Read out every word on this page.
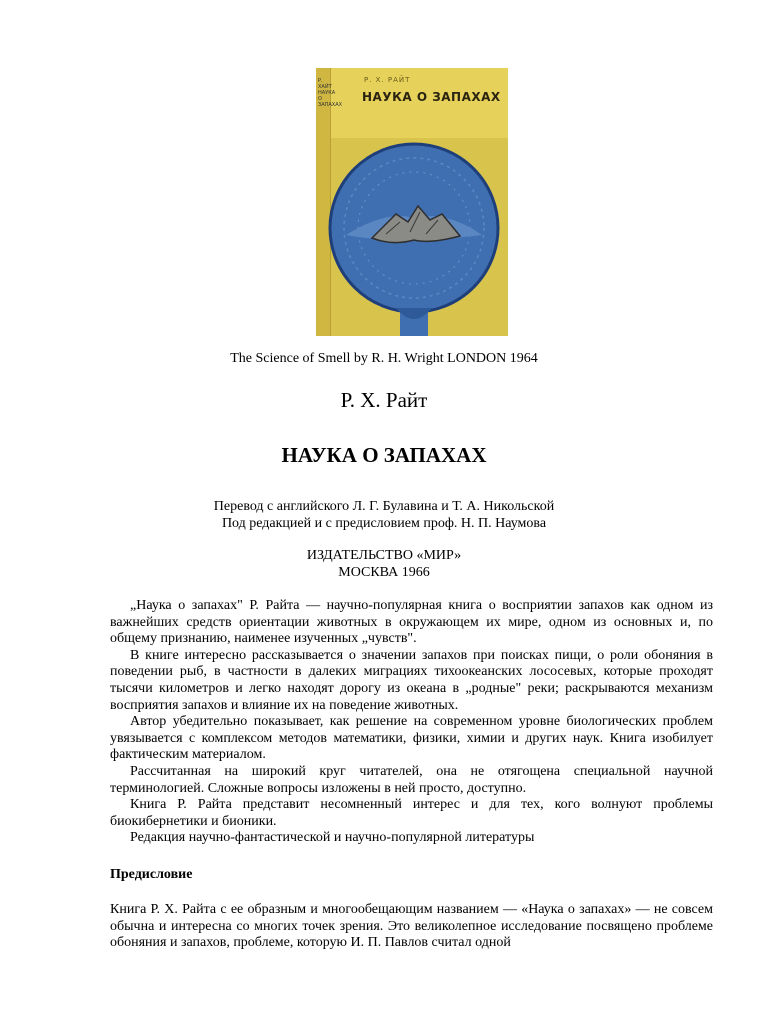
Р. ХАЙТ НАУКА О ЗАПАХАХ
Р. Х. РАЙТ
НАУКА О ЗАПАХАХ
The Science of Smell by R. H. Wright LONDON 1964
Р. Х. Райт
НАУКА О ЗАПАХАХ
Перевод с английского Л. Г. Булавина и Т. А. Никольской
Под редакцией и с предисловием проф. Н. П. Наумова
ИЗДАТЕЛЬСТВО «МИР»
МОСКВА 1966

„Наука о запахах" Р. Райта — научно-популярная книга о восприятии запахов как одном из важнейших средств ориентации животных в окружающем их мире, одном из основных и, по общему признанию, наименее изученных „чувств".

В книге интересно рассказывается о значении запахов при поисках пищи, о роли обоняния в поведении рыб, в частности в далеких миграциях тихоокеанских лососевых, которые проходят тысячи километров и легко находят дорогу из океана в „родные" реки; раскрываются механизм восприятия запахов и влияние их на поведение животных.

Автор убедительно показывает, как решение на современном уровне биологических проблем увязывается с комплексом методов математики, физики, химии и других наук. Книга изобилует фактическим материалом.

Рассчитанная на широкий круг читателей, она не отягощена специальной научной терминологией. Сложные вопросы изложены в ней просто, доступно.

Книга Р. Райта представит несомненный интерес и для тех, кого волнуют проблемы биокибернетики и бионики.

Редакция научно-фантастической и научно-популярной литературы

Предисловие

Книга Р. Х. Райта с ее образным и многообещающим названием — «Наука о запахах» — не совсем обычна и интересна со многих точек зрения. Это великолепное исследование посвящено проблеме обоняния и запахов, проблеме, которую И. П. Павлов считал одной
